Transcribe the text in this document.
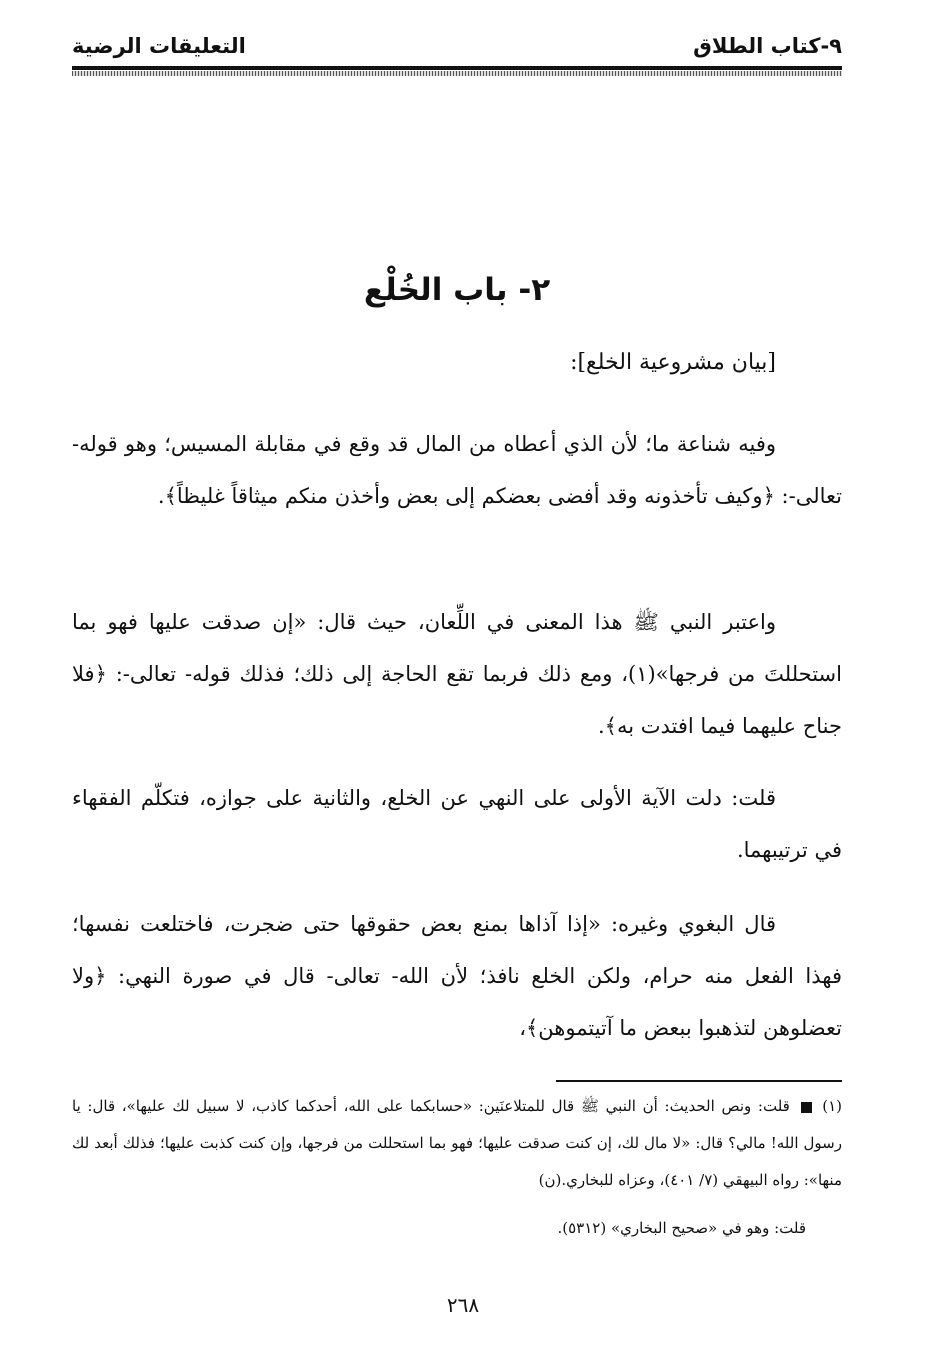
٩-كتاب الطلاق
التعليقات الرضية
٢- باب الخُلْع
[بيان مشروعية الخلع]:

وفيه شناعة ما؛ لأن الذي أعطاه من المال قد وقع في مقابلة المسيس؛ وهو قوله- تعالى-: ﴿وكيف تأخذونه وقد أفضى بعضكم إلى بعض وأخذن منكم ميثاقاً غليظاً﴾.

واعتبر النبي ﷺ هذا المعنى في اللِّعان، حيث قال: «إن صدقت عليها فهو بما استحللتَ من فرجها»(١)، ومع ذلك فربما تقع الحاجة إلى ذلك؛ فذلك قوله- تعالى-: ﴿فلا جناح عليهما فيما افتدت به﴾.

قلت: دلت الآية الأولى على النهي عن الخلع، والثانية على جوازه، فتكلّم الفقهاء في ترتيبهما.

قال البغوي وغيره: «إذا آذاها بمنع بعض حقوقها حتى ضجرت، فاختلعت نفسها؛ فهذا الفعل منه حرام، ولكن الخلع نافذ؛ لأن الله- تعالى- قال في صورة النهي: ﴿ولا تعضلوهن لتذهبوا ببعض ما آتيتموهن﴾،

(١)  قلت: ونص الحديث: أن النبي ﷺ قال للمتلاعنَين: «حسابكما على الله، أحدكما كاذب، لا سبيل لك عليها»، قال: يا رسول الله! مالي؟ قال: «لا مال لك، إن كنت صدقت عليها؛ فهو بما استحللت من فرجها، وإن كنت كذبت عليها؛ فذلك أبعد لك منها»: رواه البيهقي (٧/ ٤٠١)، وعزاه للبخاري.(ن)

قلت: وهو في «صحيح البخاري» (٥٣١٢).

٢٦٨
